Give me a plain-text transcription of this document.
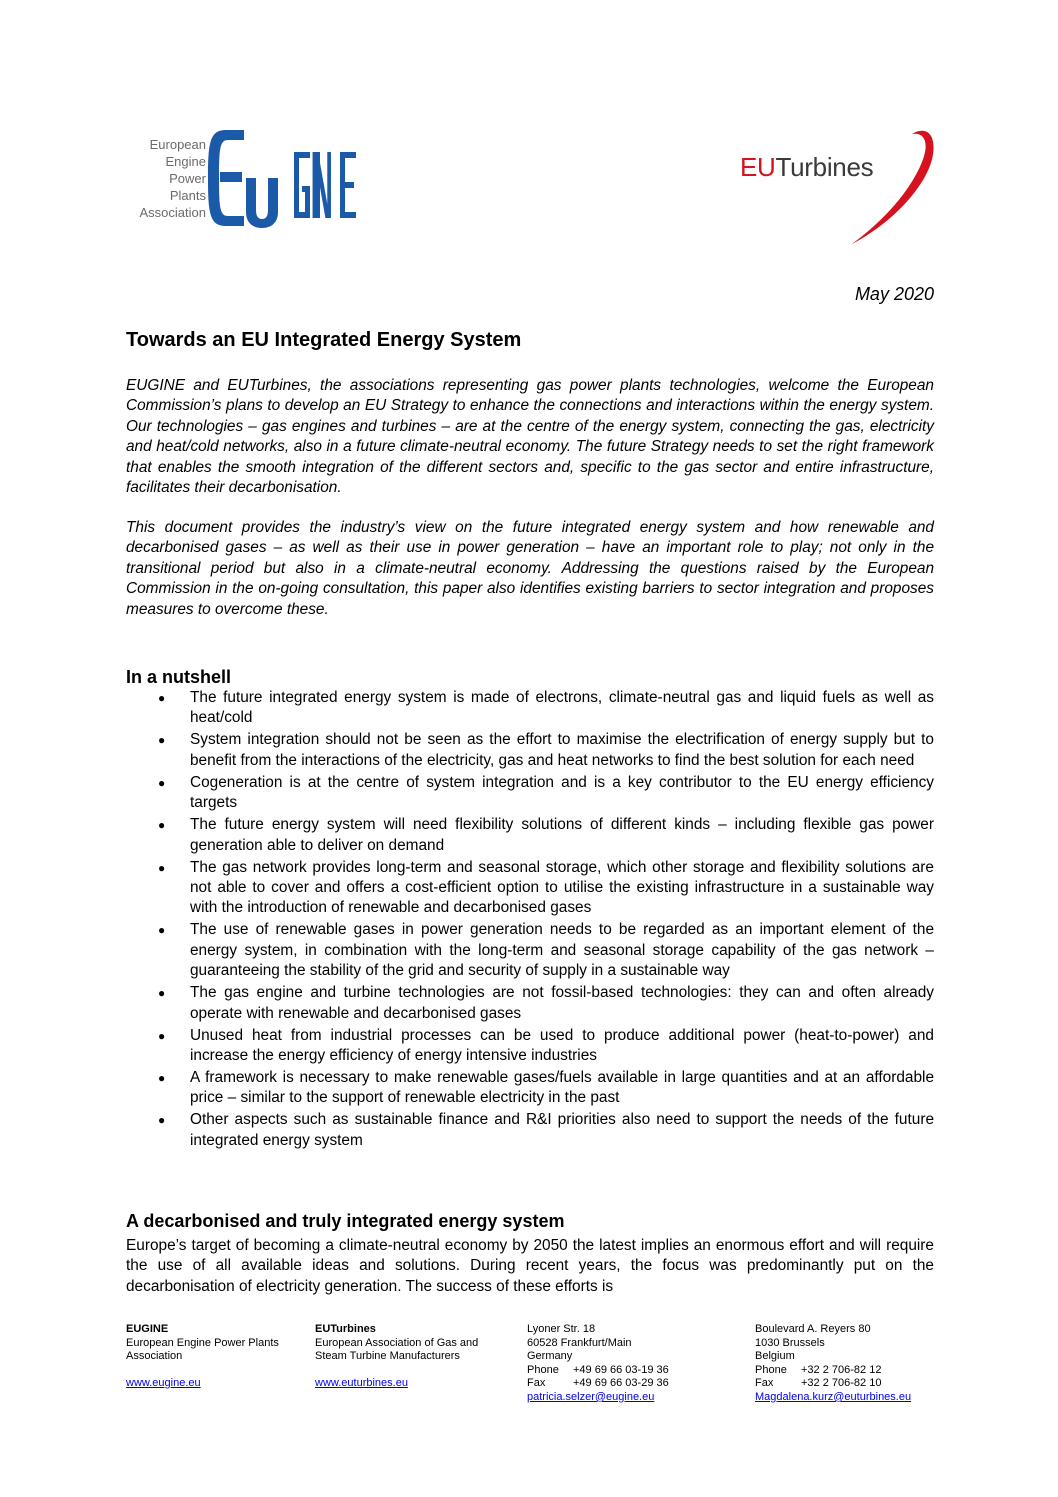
European
Engine
Power
Plants
Association
EUTurbines
May 2020
Towards an EU Integrated Energy System

EUGINE and EUTurbines, the associations representing gas power plants technologies, welcome the European Commission’s plans to develop an EU Strategy to enhance the connections and interactions within the energy system. Our technologies – gas engines and turbines – are at the centre of the energy system, connecting the gas, electricity and heat/cold networks, also in a future climate-neutral economy. The future Strategy needs to set the right framework that enables the smooth integration of the different sectors and, specific to the gas sector and entire infrastructure, facilitates their decarbonisation.

This document provides the industry’s view on the future integrated energy system and how renewable and decarbonised gases – as well as their use in power generation – have an important role to play; not only in the transitional period but also in a climate-neutral economy. Addressing the questions raised by the European Commission in the on-going consultation, this paper also identifies existing barriers to sector integration and proposes measures to overcome these.

In a nutshell
● The future integrated energy system is made of electrons, climate-neutral gas and liquid fuels as well as heat/cold
● System integration should not be seen as the effort to maximise the electrification of energy supply but to benefit from the interactions of the electricity, gas and heat networks to find the best solution for each need
● Cogeneration is at the centre of system integration and is a key contributor to the EU energy efficiency targets
● The future energy system will need flexibility solutions of different kinds – including flexible gas power generation able to deliver on demand
● The gas network provides long-term and seasonal storage, which other storage and flexibility solutions are not able to cover and offers a cost-efficient option to utilise the existing infrastructure in a sustainable way with the introduction of renewable and decarbonised gases
● The use of renewable gases in power generation needs to be regarded as an important element of the energy system, in combination with the long-term and seasonal storage capability of the gas network – guaranteeing the stability of the grid and security of supply in a sustainable way
● The gas engine and turbine technologies are not fossil-based technologies: they can and often already operate with renewable and decarbonised gases
● Unused heat from industrial processes can be used to produce additional power (heat-to-power) and increase the energy efficiency of energy intensive industries
● A framework is necessary to make renewable gases/fuels available in large quantities and at an affordable price – similar to the support of renewable electricity in the past
● Other aspects such as sustainable finance and R&I priorities also need to support the needs of the future integrated energy system
A decarbonised and truly integrated energy system

Europe’s target of becoming a climate-neutral economy by 2050 the latest implies an enormous effort and will require the use of all available ideas and solutions. During recent years, the focus was predominantly put on the decarbonisation of electricity generation. The success of these efforts is

EUGINE
European Engine Power Plants
Association
www.eugine.eu
EUTurbines
European Association of Gas and
Steam Turbine Manufacturers
www.euturbines.eu
Lyoner Str. 18
60528 Frankfurt/Main
Germany
Phone +49 69 66 03-19 36
Fax	+49 69 66 03-29 36
patricia.selzer@eugine.eu
Boulevard A. Reyers 80
1030 Brussels
Belgium
Phone +32 2 706-82 12
Fax	+32 2 706-82 10
Magdalena.kurz@euturbines.eu
